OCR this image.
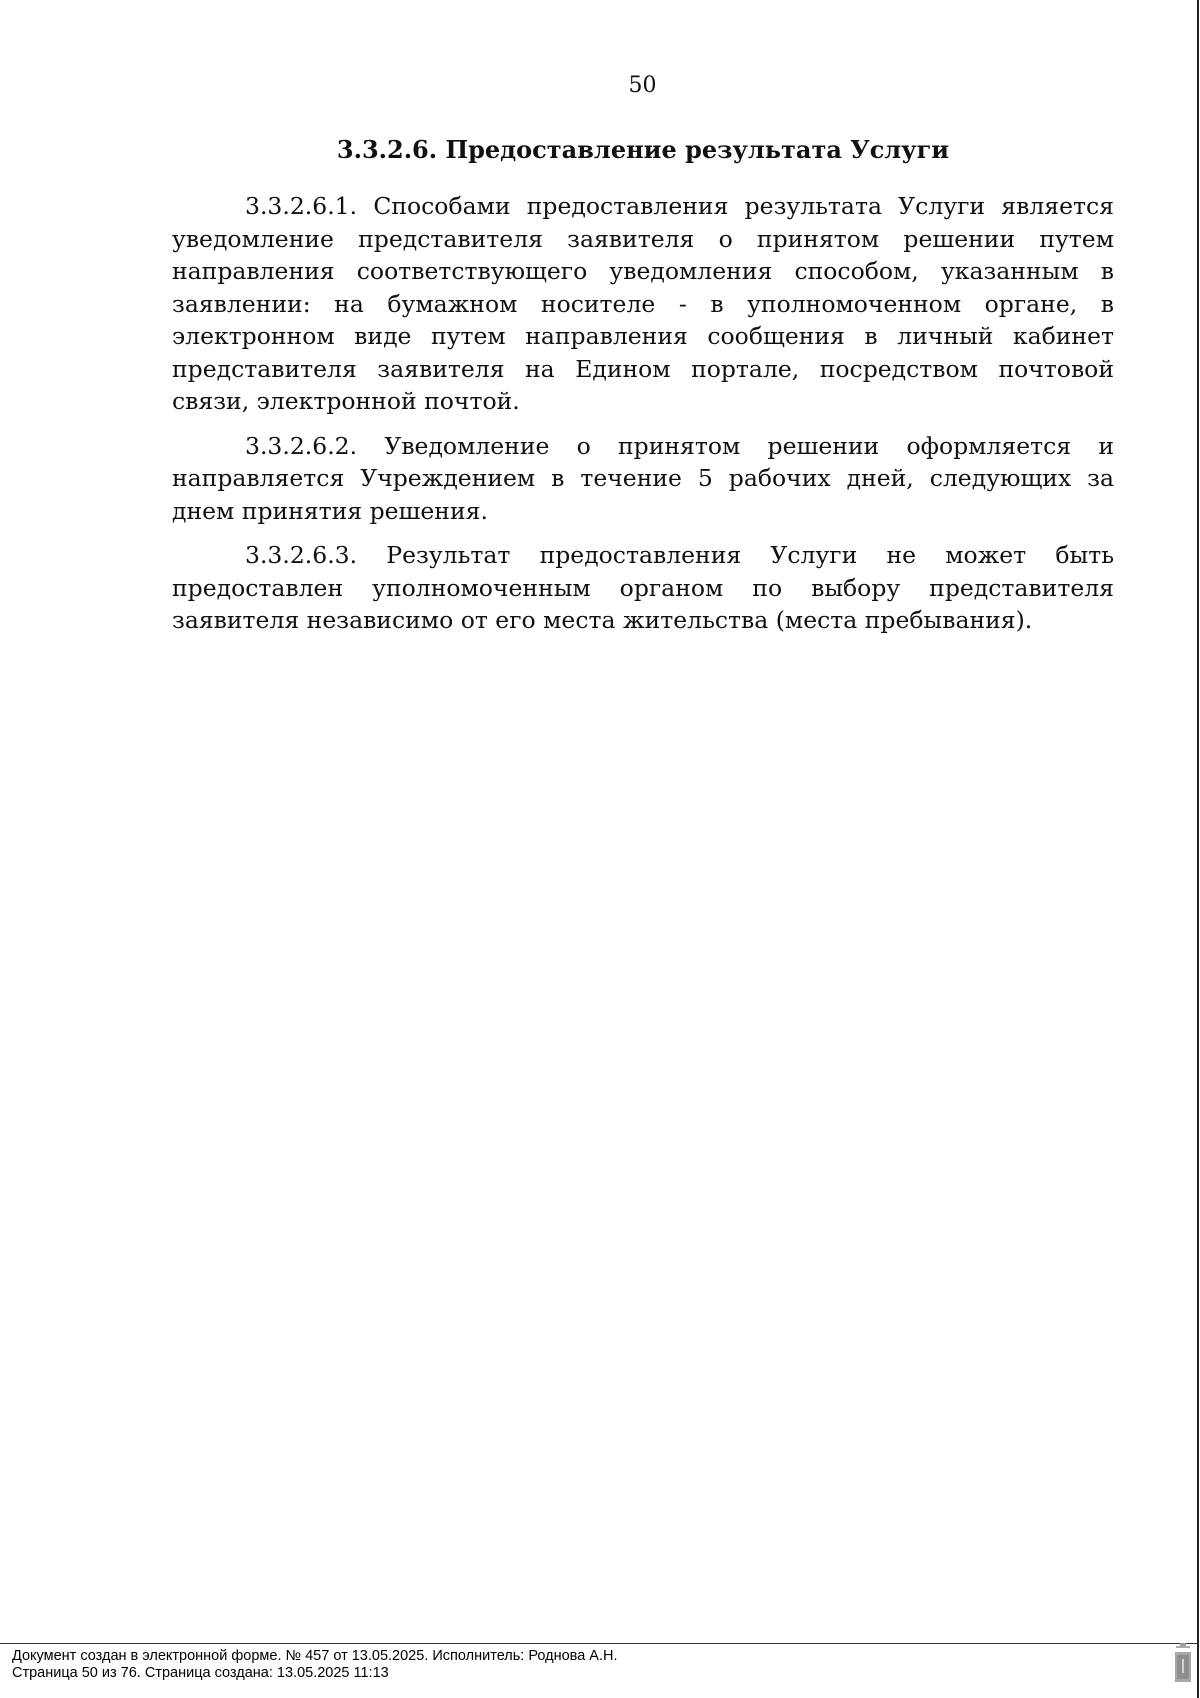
50
3.3.2.6. Предоставление результата Услуги

3.3.2.6.1. Способами предоставления результата Услуги является уведомление представителя заявителя о принятом решении путем направления соответствующего уведомления способом, указанным в заявлении: на бумажном носителе - в уполномоченном органе, в электронном виде путем направления сообщения в личный кабинет представителя заявителя на Едином портале, посредством почтовой связи, электронной почтой.

3.3.2.6.2. Уведомление о принятом решении оформляется и направляется Учреждением в течение 5 рабочих дней, следующих за днем принятия решения.

3.3.2.6.3. Результат предоставления Услуги не может быть предоставлен уполномоченным органом по выбору представителя заявителя независимо от его места жительства (места пребывания).

Документ создан в электронной форме. № 457 от 13.05.2025. Исполнитель: Роднова А.Н.
Страница 50 из 76. Страница создана: 13.05.2025 11:13
